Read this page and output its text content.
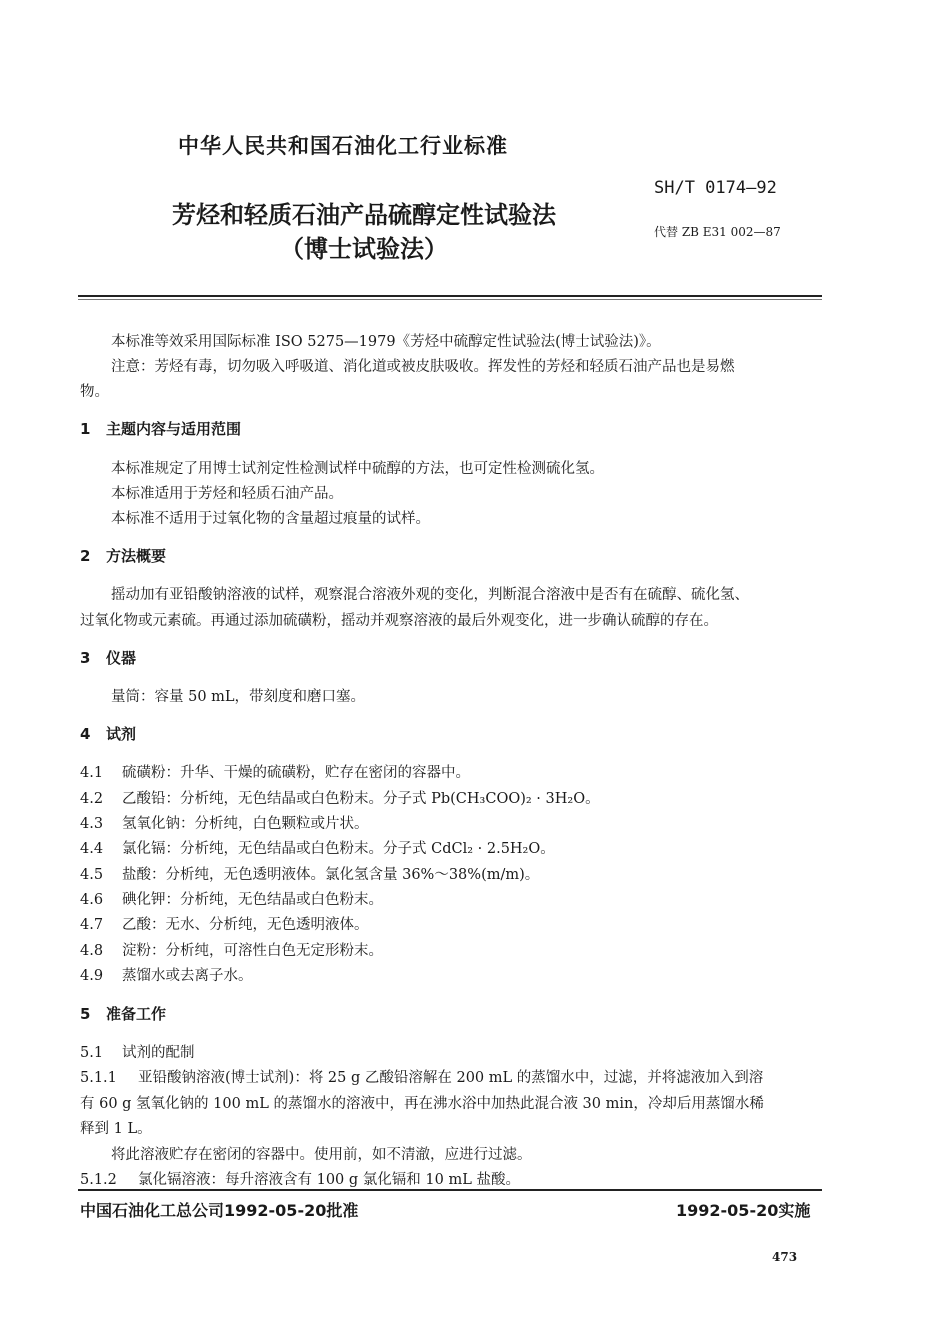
中华人民共和国石油化工行业标准
SH/T 0174—92
代替 ZB E31 002—87
芳烃和轻质石油产品硫醇定性试验法
（博士试验法）
本标准等效采用国际标准 ISO 5275—1979《芳烃中硫醇定性试验法(博士试验法)》。
注意：芳烃有毒，切勿吸入呼吸道、消化道或被皮肤吸收。挥发性的芳烃和轻质石油产品也是易燃
物。
1 主题内容与适用范围
本标准规定了用博士试剂定性检测试样中硫醇的方法，也可定性检测硫化氢。
本标准适用于芳烃和轻质石油产品。
本标准不适用于过氧化物的含量超过痕量的试样。
2 方法概要
摇动加有亚铅酸钠溶液的试样，观察混合溶液外观的变化，判断混合溶液中是否有在硫醇、硫化氢、
过氧化物或元素硫。再通过添加硫磺粉，摇动并观察溶液的最后外观变化，进一步确认硫醇的存在。
3 仪器
量筒：容量 50 mL，带刻度和磨口塞。
4 试剂
4.1 硫磺粉：升华、干燥的硫磺粉，贮存在密闭的容器中。
4.2 乙酸铅：分析纯，无色结晶或白色粉末。分子式 Pb(CH₃COO)₂ · 3H₂O。
4.3 氢氧化钠：分析纯，白色颗粒或片状。
4.4 氯化镉：分析纯，无色结晶或白色粉末。分子式 CdCl₂ · 2.5H₂O。
4.5 盐酸：分析纯，无色透明液体。氯化氢含量 36%～38%(m/m)。
4.6 碘化钾：分析纯，无色结晶或白色粉末。
4.7 乙酸：无水、分析纯，无色透明液体。
4.8 淀粉：分析纯，可溶性白色无定形粉末。
4.9 蒸馏水或去离子水。
5 准备工作
5.1 试剂的配制
5.1.1 亚铅酸钠溶液(博士试剂)：将 25 g 乙酸铅溶解在 200 mL 的蒸馏水中，过滤，并将滤液加入到溶
有 60 g 氢氧化钠的 100 mL 的蒸馏水的溶液中，再在沸水浴中加热此混合液 30 min，冷却后用蒸馏水稀
释到 1 L。
将此溶液贮存在密闭的容器中。使用前，如不清澈，应进行过滤。
5.1.2 氯化镉溶液：每升溶液含有 100 g 氯化镉和 10 mL 盐酸。
中国石油化工总公司1992-05-20批准	1992-05-20实施
473
